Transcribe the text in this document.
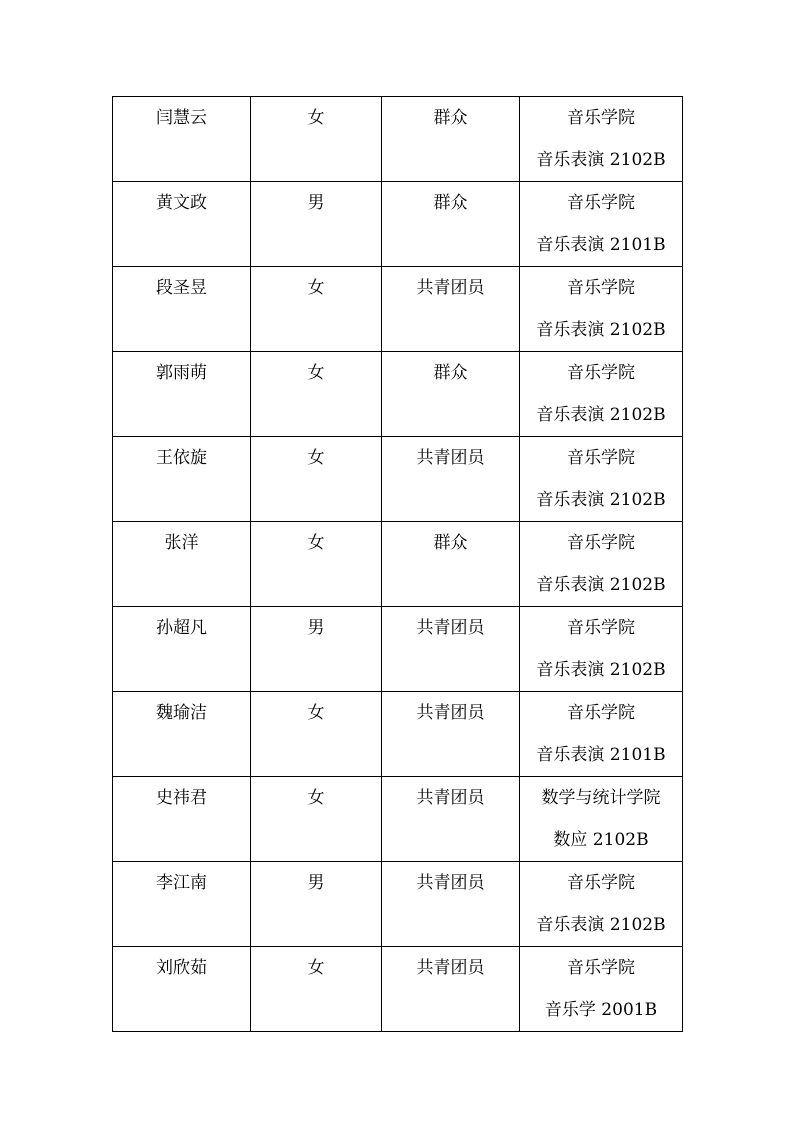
闫慧云	女	群众	音乐学院
音乐表演 2102B

黄文政	男	群众	音乐学院
音乐表演 2101B

段圣昱	女	共青团员	音乐学院
音乐表演 2102B

郭雨萌	女	群众	音乐学院
音乐表演 2102B

王依旋	女	共青团员	音乐学院
音乐表演 2102B

张洋	女	群众	音乐学院
音乐表演 2102B

孙超凡	男	共青团员	音乐学院
音乐表演 2102B

魏瑜洁	女	共青团员	音乐学院
音乐表演 2101B

史祎君	女	共青团员	数学与统计学院
数应 2102B

李江南	男	共青团员	音乐学院
音乐表演 2102B

刘欣茹	女	共青团员	音乐学院
音乐学 2001B
